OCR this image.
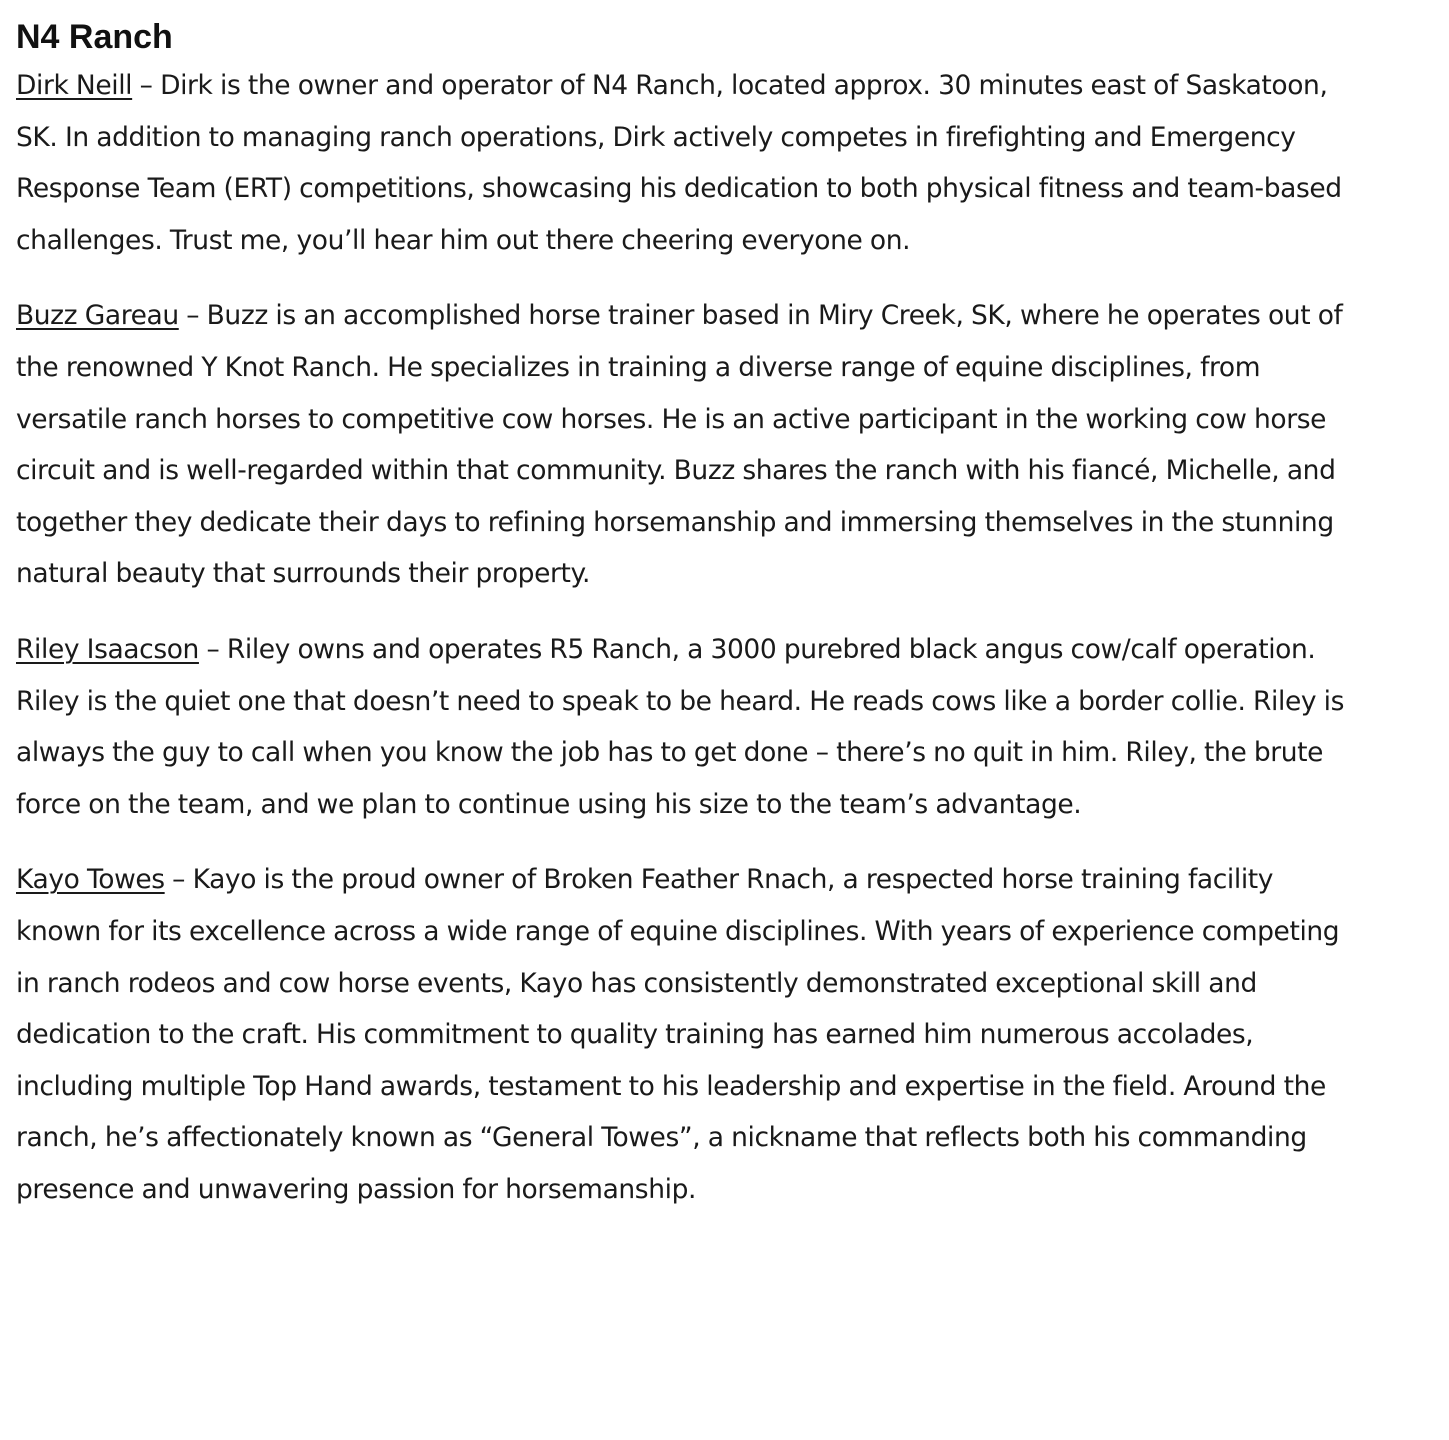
N4 Ranch

Dirk Neill – Dirk is the owner and operator of N4 Ranch, located approx. 30 minutes east of Saskatoon, SK. In addition to managing ranch operations, Dirk actively competes in firefighting and Emergency Response Team (ERT) competitions, showcasing his dedication to both physical fitness and team-based challenges. Trust me, you’ll hear him out there cheering everyone on.

Buzz Gareau – Buzz is an accomplished horse trainer based in Miry Creek, SK, where he operates out of the renowned Y Knot Ranch. He specializes in training a diverse range of equine disciplines, from versatile ranch horses to competitive cow horses. He is an active participant in the working cow horse circuit and is well-regarded within that community. Buzz shares the ranch with his fiancé, Michelle, and together they dedicate their days to refining horsemanship and immersing themselves in the stunning natural beauty that surrounds their property.

Riley Isaacson – Riley owns and operates R5 Ranch, a 3000 purebred black angus cow/calf operation. Riley is the quiet one that doesn’t need to speak to be heard. He reads cows like a border collie. Riley is always the guy to call when you know the job has to get done – there’s no quit in him. Riley, the brute force on the team, and we plan to continue using his size to the team’s advantage.

Kayo Towes – Kayo is the proud owner of Broken Feather Rnach, a respected horse training facility known for its excellence across a wide range of equine disciplines. With years of experience competing in ranch rodeos and cow horse events, Kayo has consistently demonstrated exceptional skill and dedication to the craft. His commitment to quality training has earned him numerous accolades, including multiple Top Hand awards, testament to his leadership and expertise in the field. Around the ranch, he’s affectionately known as “General Towes”, a nickname that reflects both his commanding presence and unwavering passion for horsemanship.
